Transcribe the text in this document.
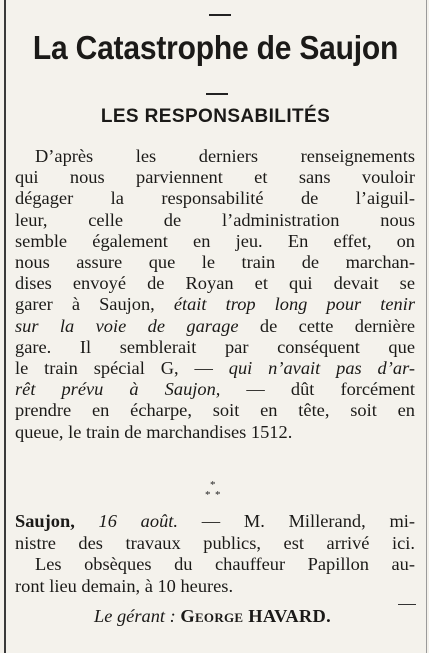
La Catastrophe de Saujon
LES RESPONSABILITÉS
D’après les derniers renseignements
qui nous parviennent et sans vouloir
dégager la responsabilité de l’aiguil-
leur, celle de l’administration nous
semble également en jeu. En effet, on
nous assure que le train de marchan-
dises envoyé de Royan et qui devait se
garer à Saujon, était trop long pour tenir
sur la voie de garage de cette dernière
gare. Il semblerait par conséquent que
le train spécial G, — qui n’avait pas d’ar-
rêt prévu à Saujon, — dût forcément
prendre en écharpe, soit en tête, soit en
queue, le train de marchandises 1512.
*
* *
Saujon, 16 août. — M. Millerand, mi-
nistre des travaux publics, est arrivé ici.
Les obsèques du chauffeur Papillon au-
ront lieu demain, à 10 heures.
Le gérant : George HAVARD.
